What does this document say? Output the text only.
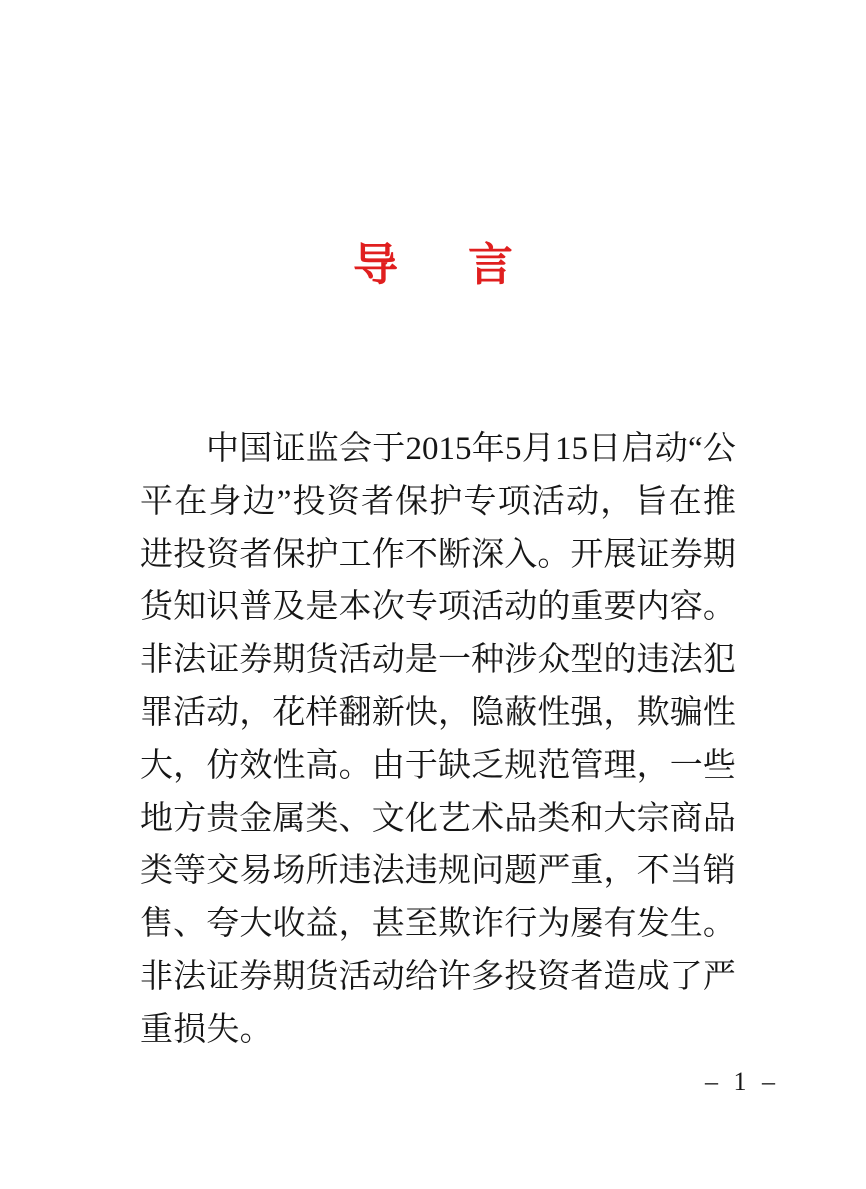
导 言
中 国 证 监 会 于 2015 年 5 月 15 日 启 动 “ 公
平 在 身 边 ” 投 资 者 保 护 专 项 活 动 ， 旨 在 推
进 投 资 者 保 护 工 作 不 断 深 入 。 开 展 证 券 期
货 知 识 普 及 是 本 次 专 项 活 动 的 重 要 内 容 。
非 法 证 券 期 货 活 动 是 一 种 涉 众 型 的 违 法 犯
罪 活 动 ， 花 样 翻 新 快 ， 隐 蔽 性 强 ， 欺 骗 性
大 ， 仿 效 性 高 。 由 于 缺 乏 规 范 管 理 ， 一 些
地 方 贵 金 属 类 、 文 化 艺 术 品 类 和 大 宗 商 品
类 等 交 易 场 所 违 法 违 规 问 题 严 重 ， 不 当 销
售 、 夸 大 收 益 ， 甚 至 欺 诈 行 为 屡 有 发 生 。
非 法 证 券 期 货 活 动 给 许 多 投 资 者 造 成 了 严
重 损 失 。
– 1 –
